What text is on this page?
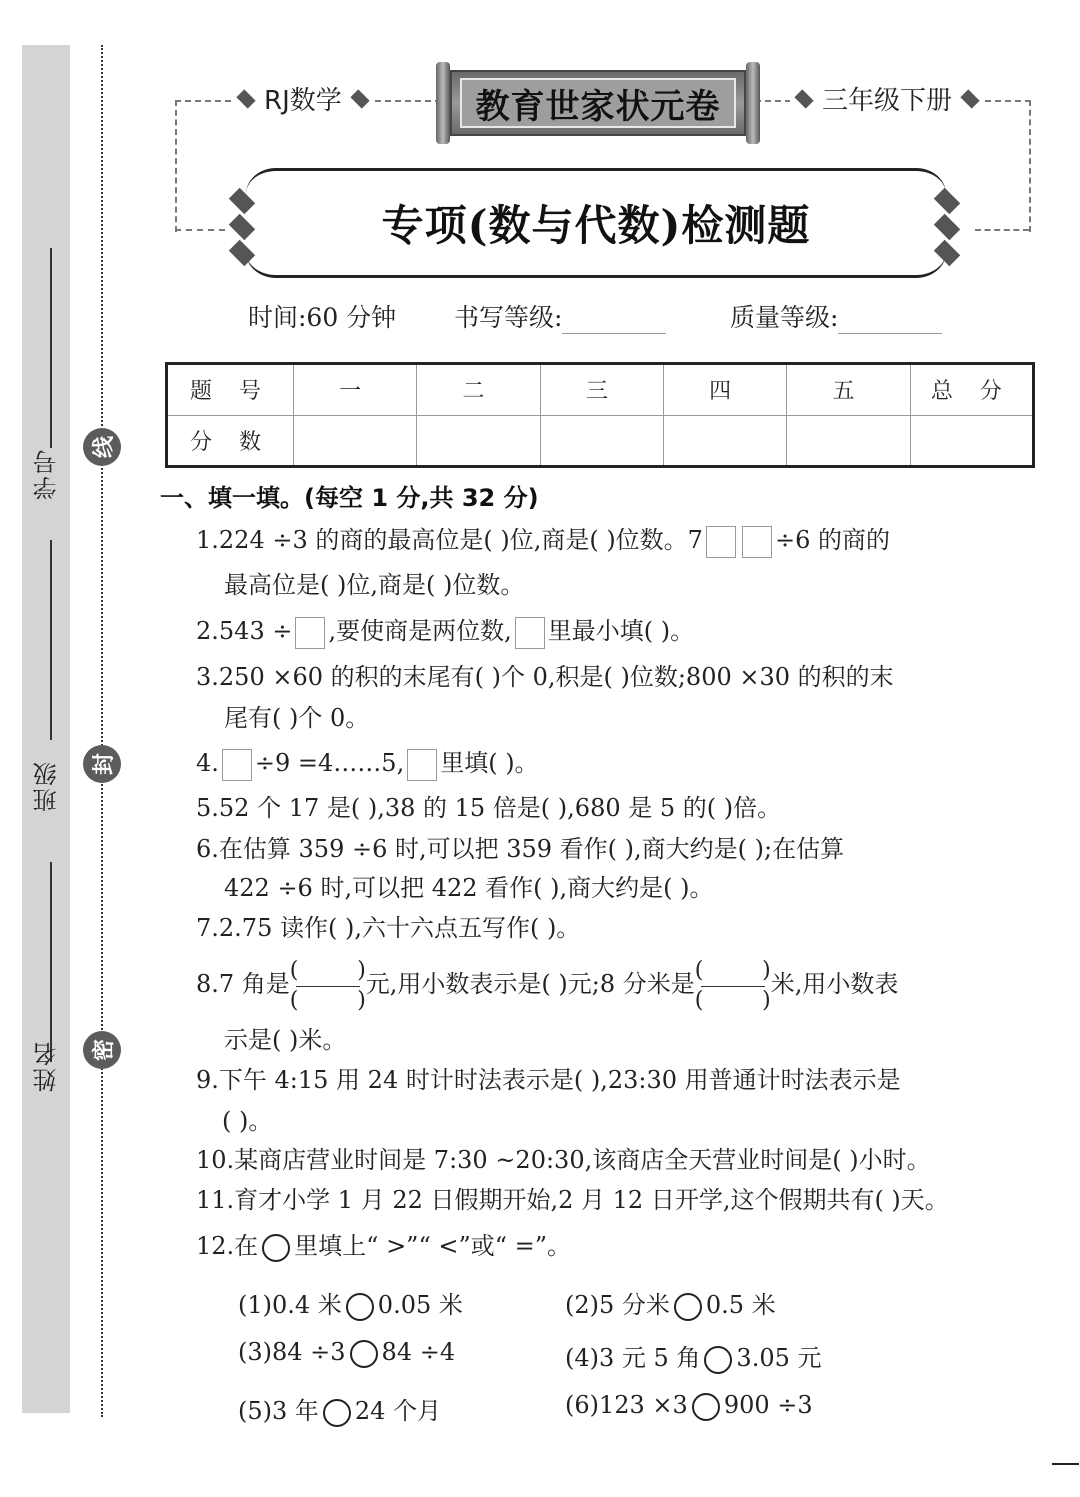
学号
班级
姓名
线
封
密
RJ数学	三年级下册
教育世家状元卷
专项(数与代数)检测题
时间:60 分钟 书写等级:	质量等级:
题 号	一	二	三	四	五	总 分
分 数						
一、填一填。(每空 1 分,共 32 分)
1.224 ÷3 的商的最高位是( )位,商是( )位数。7	÷6 的商的
最高位是( )位,商是( )位数。
2.543 ÷ ,要使商是两位数, 里最小填( )。
3.250 ×60 的积的末尾有( )个 0,积是( )位数;800 ×30 的积的末
尾有( )个 0。
4. ÷9 =4……5, 里填( )。
5.52 个 17 是( ),38 的 15 倍是( ),680 是 5 的( )倍。
6.在估算 359 ÷6 时,可以把 359 看作( ),商大约是( );在估算
422 ÷6 时,可以把 422 看作( ),商大约是( )。
7.2.75 读作( ),六十六点五写作( )。
8.7 角是 (	)
(	) 元,用小数表示是( )元;8 分米是 (	)
(	) 米,用小数表
示是( )米。
9.下午 4:15 用 24 时计时法表示是( ),23:30 用普通计时法表示是
( )。
10.某商店营业时间是 7:30 ~20:30,该商店全天营业时间是( )小时。
11.育才小学 1 月 22 日假期开始,2 月 12 日开学,这个假期共有( )天。
12.在 里填上“ >”“ <”或“ =”。
(1)0.4 米 0.05 米	(2)5 分米 0.5 米
(3)84 ÷3 84 ÷4	(4)3 元 5 角 3.05 元
(5)3 年 24 个月	(6)123 ×3 900 ÷3
